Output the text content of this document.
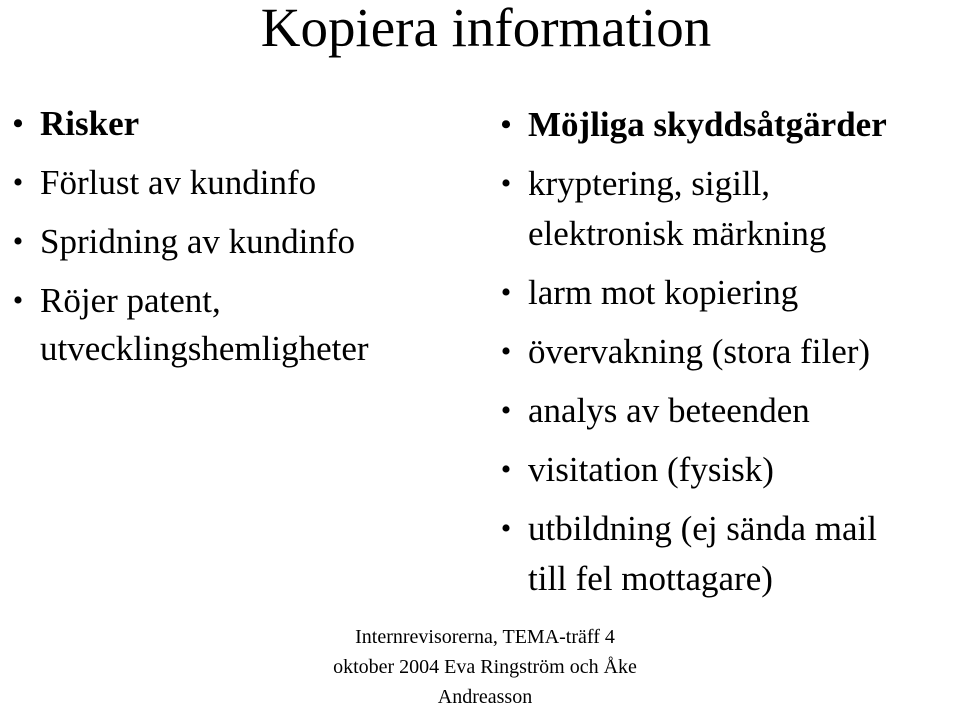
Kopiera information
• Risker
• Förlust av kundinfo
• Spridning av kundinfo
• Röjer patent,
utvecklingshemligheter
• Möjliga skyddsåtgärder
• kryptering, sigill,
elektronisk märkning
• larm mot kopiering
• övervakning (stora filer)
• analys av beteenden
• visitation (fysisk)
• utbildning (ej sända mail
till fel mottagare)
Internrevisorerna, TEMA-träff 4
oktober 2004 Eva Ringström och Åke
Andreasson
